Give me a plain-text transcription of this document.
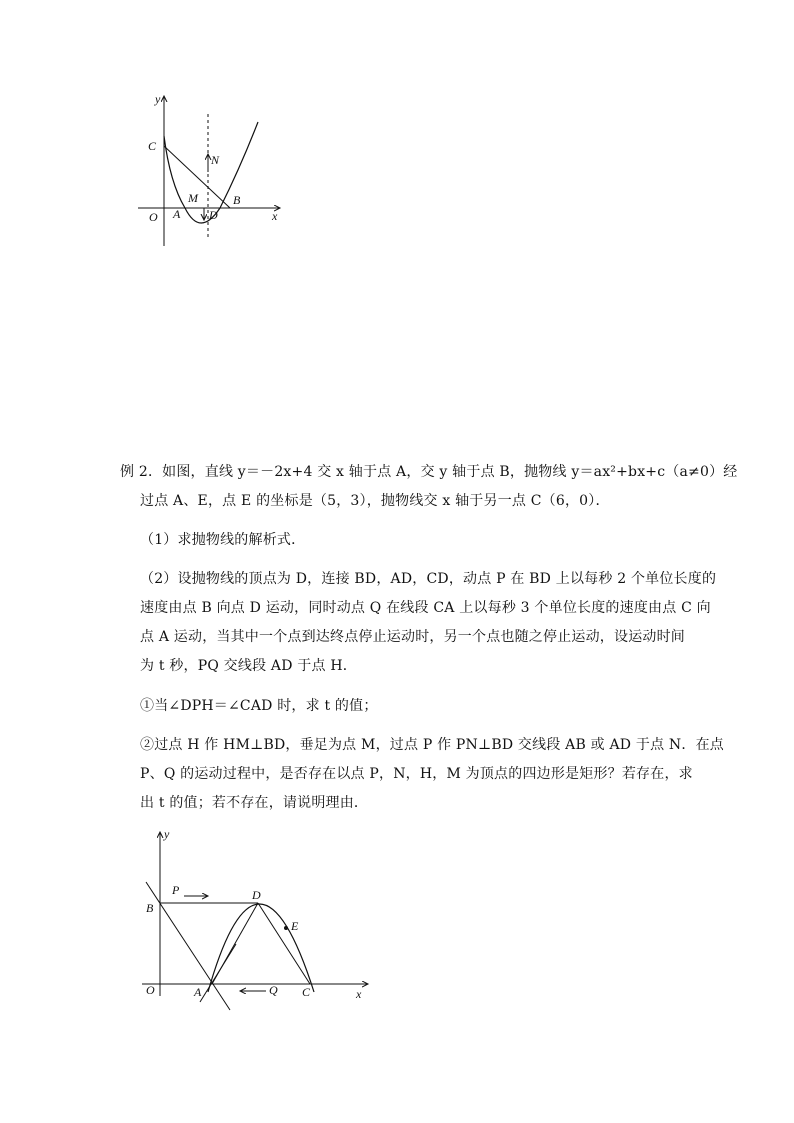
y
x
O
C
N
M
A D
B
例 2．如图，直线 y＝－2x+4 交 x 轴于点 A，交 y 轴于点 B，抛物线 y＝ax²+bx+c（a≠0）经
过点 A、E，点 E 的坐标是（5，3），抛物线交 x 轴于另一点 C（6，0）．
（1）求抛物线的解析式．
（2）设抛物线的顶点为 D，连接 BD，AD，CD，动点 P 在 BD 上以每秒 2 个单位长度的
速度由点 B 向点 D 运动，同时动点 Q 在线段 CA 上以每秒 3 个单位长度的速度由点 C 向
点 A 运动，当其中一个点到达终点停止运动时，另一个点也随之停止运动，设运动时间
为 t 秒，PQ 交线段 AD 于点 H．
①当∠DPH＝∠CAD 时，求 t 的值；
②过点 H 作 HM⊥BD，垂足为点 M，过点 P 作 PN⊥BD 交线段 AB 或 AD 于点 N．在点
P、Q 的运动过程中，是否存在以点 P，N，H，M 为顶点的四边形是矩形？若存在，求
出 t 的值；若不存在，请说明理由．
y
x
O
B
P	D
E
A	Q C
